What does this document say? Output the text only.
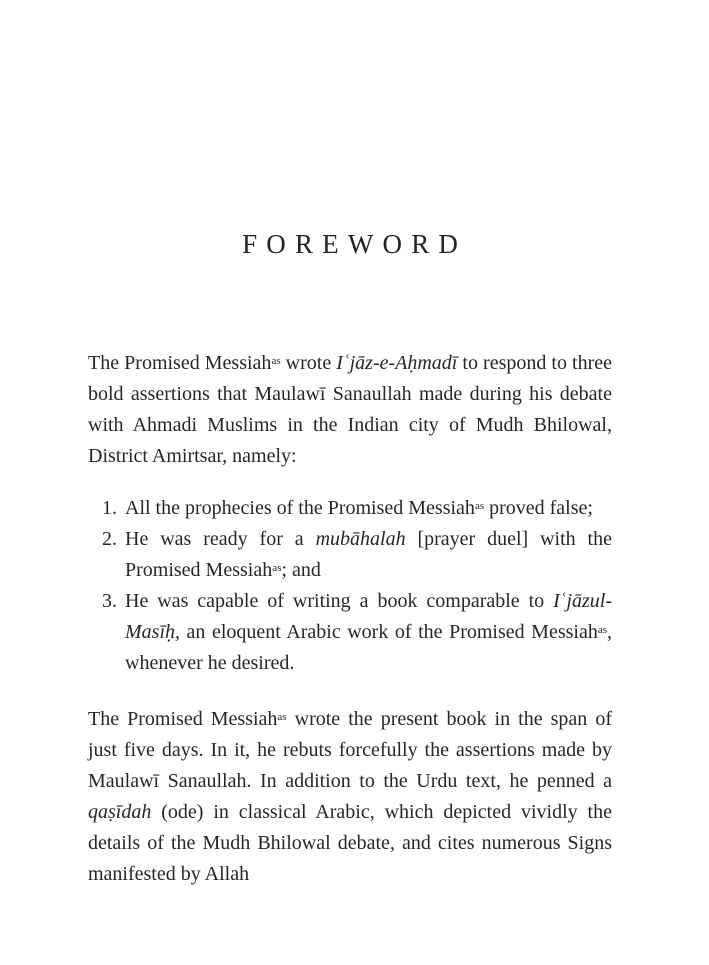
FOREWORD

The Promised Messiah$^{as}$ wrote Iʿjāz-e-Aḥmadī to respond to three bold assertions that Maulawī Sanaullah made during his debate with Ahmadi Muslims in the Indian city of Mudh Bhilowal, District Amirtsar, namely:

1. All the prophecies of the Promised Messiah$^{as}$ proved false;
2. He was ready for a mubāhalah [prayer duel] with the Promised Messiah$^{as}$; and
3. He was capable of writing a book comparable to Iʿjāzul-Masīḥ, an eloquent Arabic work of the Promised Messiah$^{as}$, whenever he desired.

The Promised Messiah$^{as}$ wrote the present book in the span of just five days. In it, he rebuts forcefully the assertions made by Maulawī Sanaullah. In addition to the Urdu text, he penned a qaṣīdah (ode) in classical Arabic, which depicted vividly the details of the Mudh Bhilowal debate, and cites numerous Signs manifested by Allah
